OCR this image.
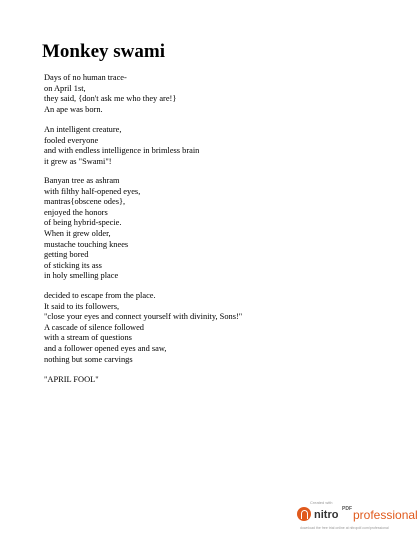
Monkey swami
Days of no human trace-
on April 1st,
they said, {don't ask me who they are!}
An ape was born.
An intelligent creature,
fooled everyone
and with endless intelligence in brimless brain
it grew as "Swami"!
Banyan tree as ashram
with filthy half-opened eyes,
mantras{obscene odes},
enjoyed the honors
of being hybrid-specie.
When it grew older,
mustache touching knees
getting bored
of sticking its ass
in holy smelling place
decided to escape from the place.
It said to its followers,
"close your eyes and connect yourself with divinity, Sons!"
A cascade of silence followed
with a stream of questions
and a follower opened eyes and saw,
nothing but some carvings
"APRIL FOOL"
Created with
nitro PDF professional
download the free trial online at nitropdf.com/professional
